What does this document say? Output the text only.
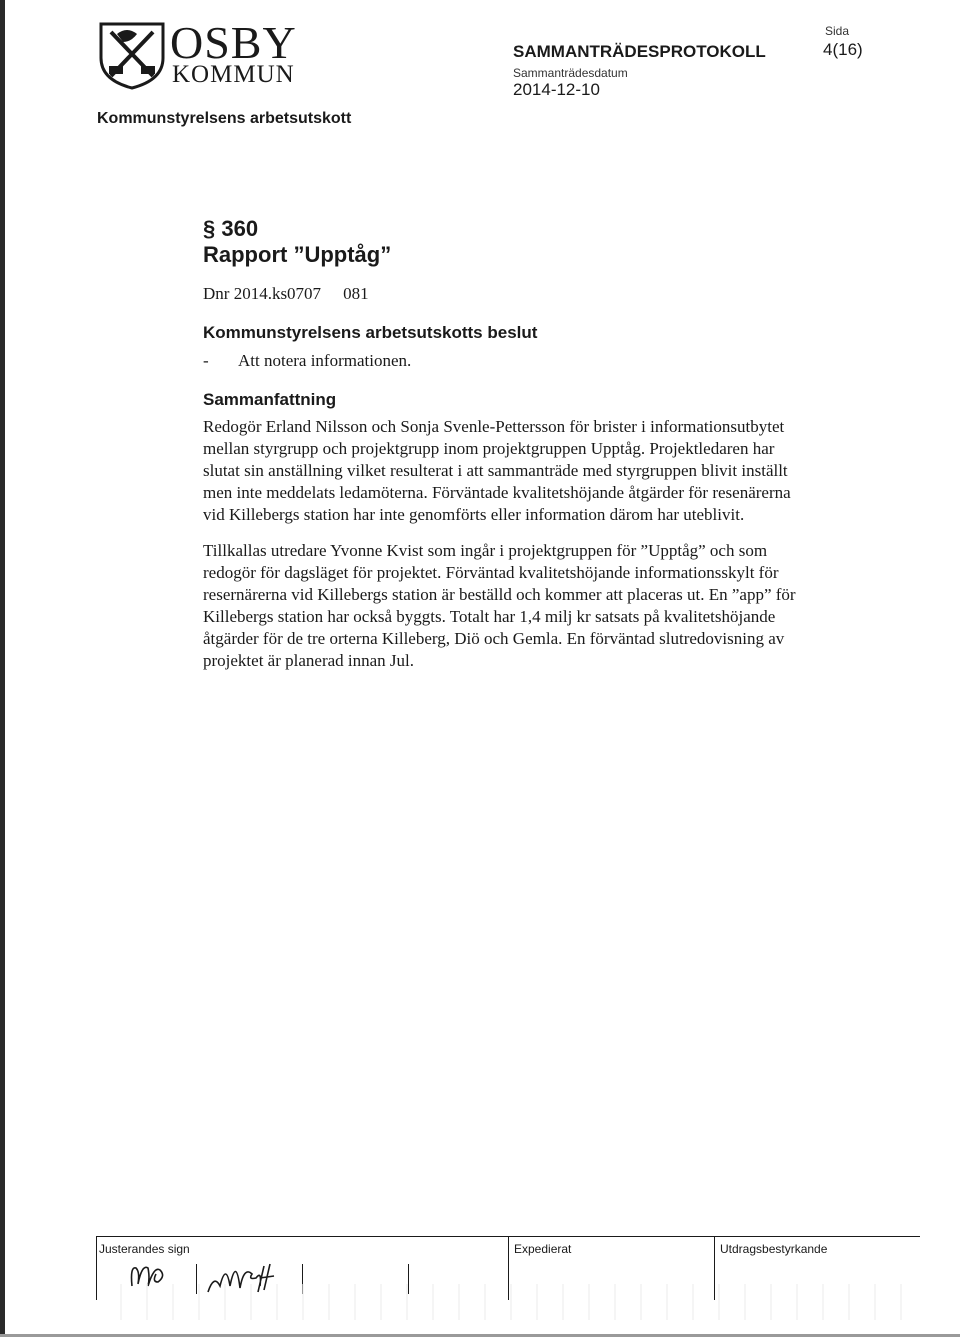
OSBY
KOMMUN
SAMMANTRÄDESPROTOKOLL
Sammanträdesdatum
2014-12-10
Sida
4(16)
Kommunstyrelsens arbetsutskott
§ 360
Rapport ”Upptåg”
Dnr 2014.ks0707 081
Kommunstyrelsens arbetsutskotts beslut
- Att notera informationen.
Sammanfattning

Redogör Erland Nilsson och Sonja Svenle-Pettersson för brister i informationsutbytet mellan styrgrupp och projektgrupp inom projektgruppen Upptåg. Projektledaren har slutat sin anställning vilket resulterat i att sammanträde med styrgruppen blivit inställt men inte meddelats ledamöterna. Förväntade kvalitetshöjande åtgärder för resenärerna vid Killebergs station har inte genomförts eller information därom har uteblivit.

Tillkallas utredare Yvonne Kvist som ingår i projektgruppen för ”Upptåg” och som redogör för dagsläget för projektet. Förväntad kvalitetshöjande informationsskylt för resernärerna vid Killebergs station är beställd och kommer att placeras ut. En ”app” för Killebergs station har också byggts. Totalt har 1,4 milj kr satsats på kvalitetshöjande åtgärder för de tre orterna Killeberg, Diö och Gemla. En förväntad slutredovisning av projektet är planerad innan Jul.

Justerandes sign	Expedierat	Utdragsbestyrkande
